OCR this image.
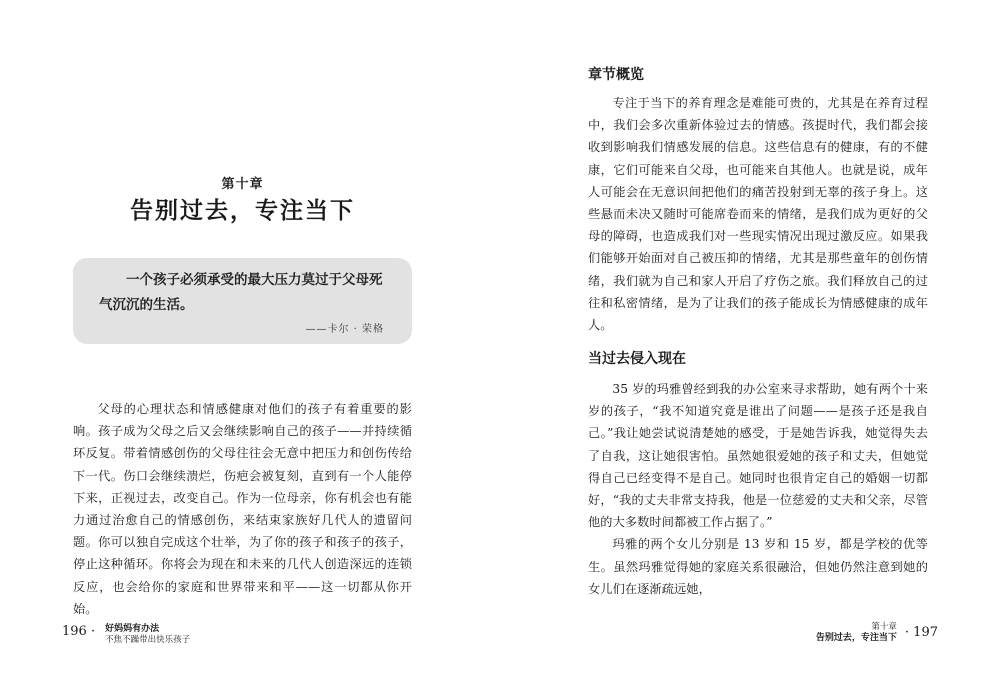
第十章
告别过去，专注当下

一个孩子必须承受的最大压力莫过于父母死气沉沉的生活。

——卡尔 · 荣格

父母的心理状态和情感健康对他们的孩子有着重要的影响。孩子成为父母之后又会继续影响自己的孩子——并持续循环反复。带着情感创伤的父母往往会无意中把压力和创伤传给下一代。伤口会继续溃烂，伤疤会被复刻，直到有一个人能停下来，正视过去，改变自己。作为一位母亲，你有机会也有能力通过治愈自己的情感创伤，来结束家族好几代人的遗留问题。你可以独自完成这个壮举，为了你的孩子和孩子的孩子，停止这种循环。你将会为现在和未来的几代人创造深远的连锁反应，也会给你的家庭和世界带来和平——这一切都从你开始。

196 · 好妈妈有办法
不焦不躁带出快乐孩子
章节概览

专注于当下的养育理念是难能可贵的，尤其是在养育过程中，我们会多次重新体验过去的情感。孩提时代，我们都会接收到影响我们情感发展的信息。这些信息有的健康，有的不健康，它们可能来自父母，也可能来自其他人。也就是说，成年人可能会在无意识间把他们的痛苦投射到无辜的孩子身上。这些悬而未决又随时可能席卷而来的情绪，是我们成为更好的父母的障碍，也造成我们对一些现实情况出现过激反应。如果我们能够开始面对自己被压抑的情绪，尤其是那些童年的创伤情绪，我们就为自己和家人开启了疗伤之旅。我们释放自己的过往和私密情绪，是为了让我们的孩子能成长为情感健康的成年人。

当过去侵入现在

35 岁的玛雅曾经到我的办公室来寻求帮助，她有两个十来岁的孩子，“我不知道究竟是谁出了问题——是孩子还是我自己。”我让她尝试说清楚她的感受，于是她告诉我，她觉得失去了自我，这让她很害怕。虽然她很爱她的孩子和丈夫，但她觉得自己已经变得不是自己。她同时也很肯定自己的婚姻一切都好，“我的丈夫非常支持我，他是一位慈爱的丈夫和父亲，尽管他的大多数时间都被工作占据了。”

玛雅的两个女儿分别是 13 岁和 15 岁，都是学校的优等生。虽然玛雅觉得她的家庭关系很融洽，但她仍然注意到她的女儿们在逐渐疏远她，

第十章
告别过去，专注当下 · 197
